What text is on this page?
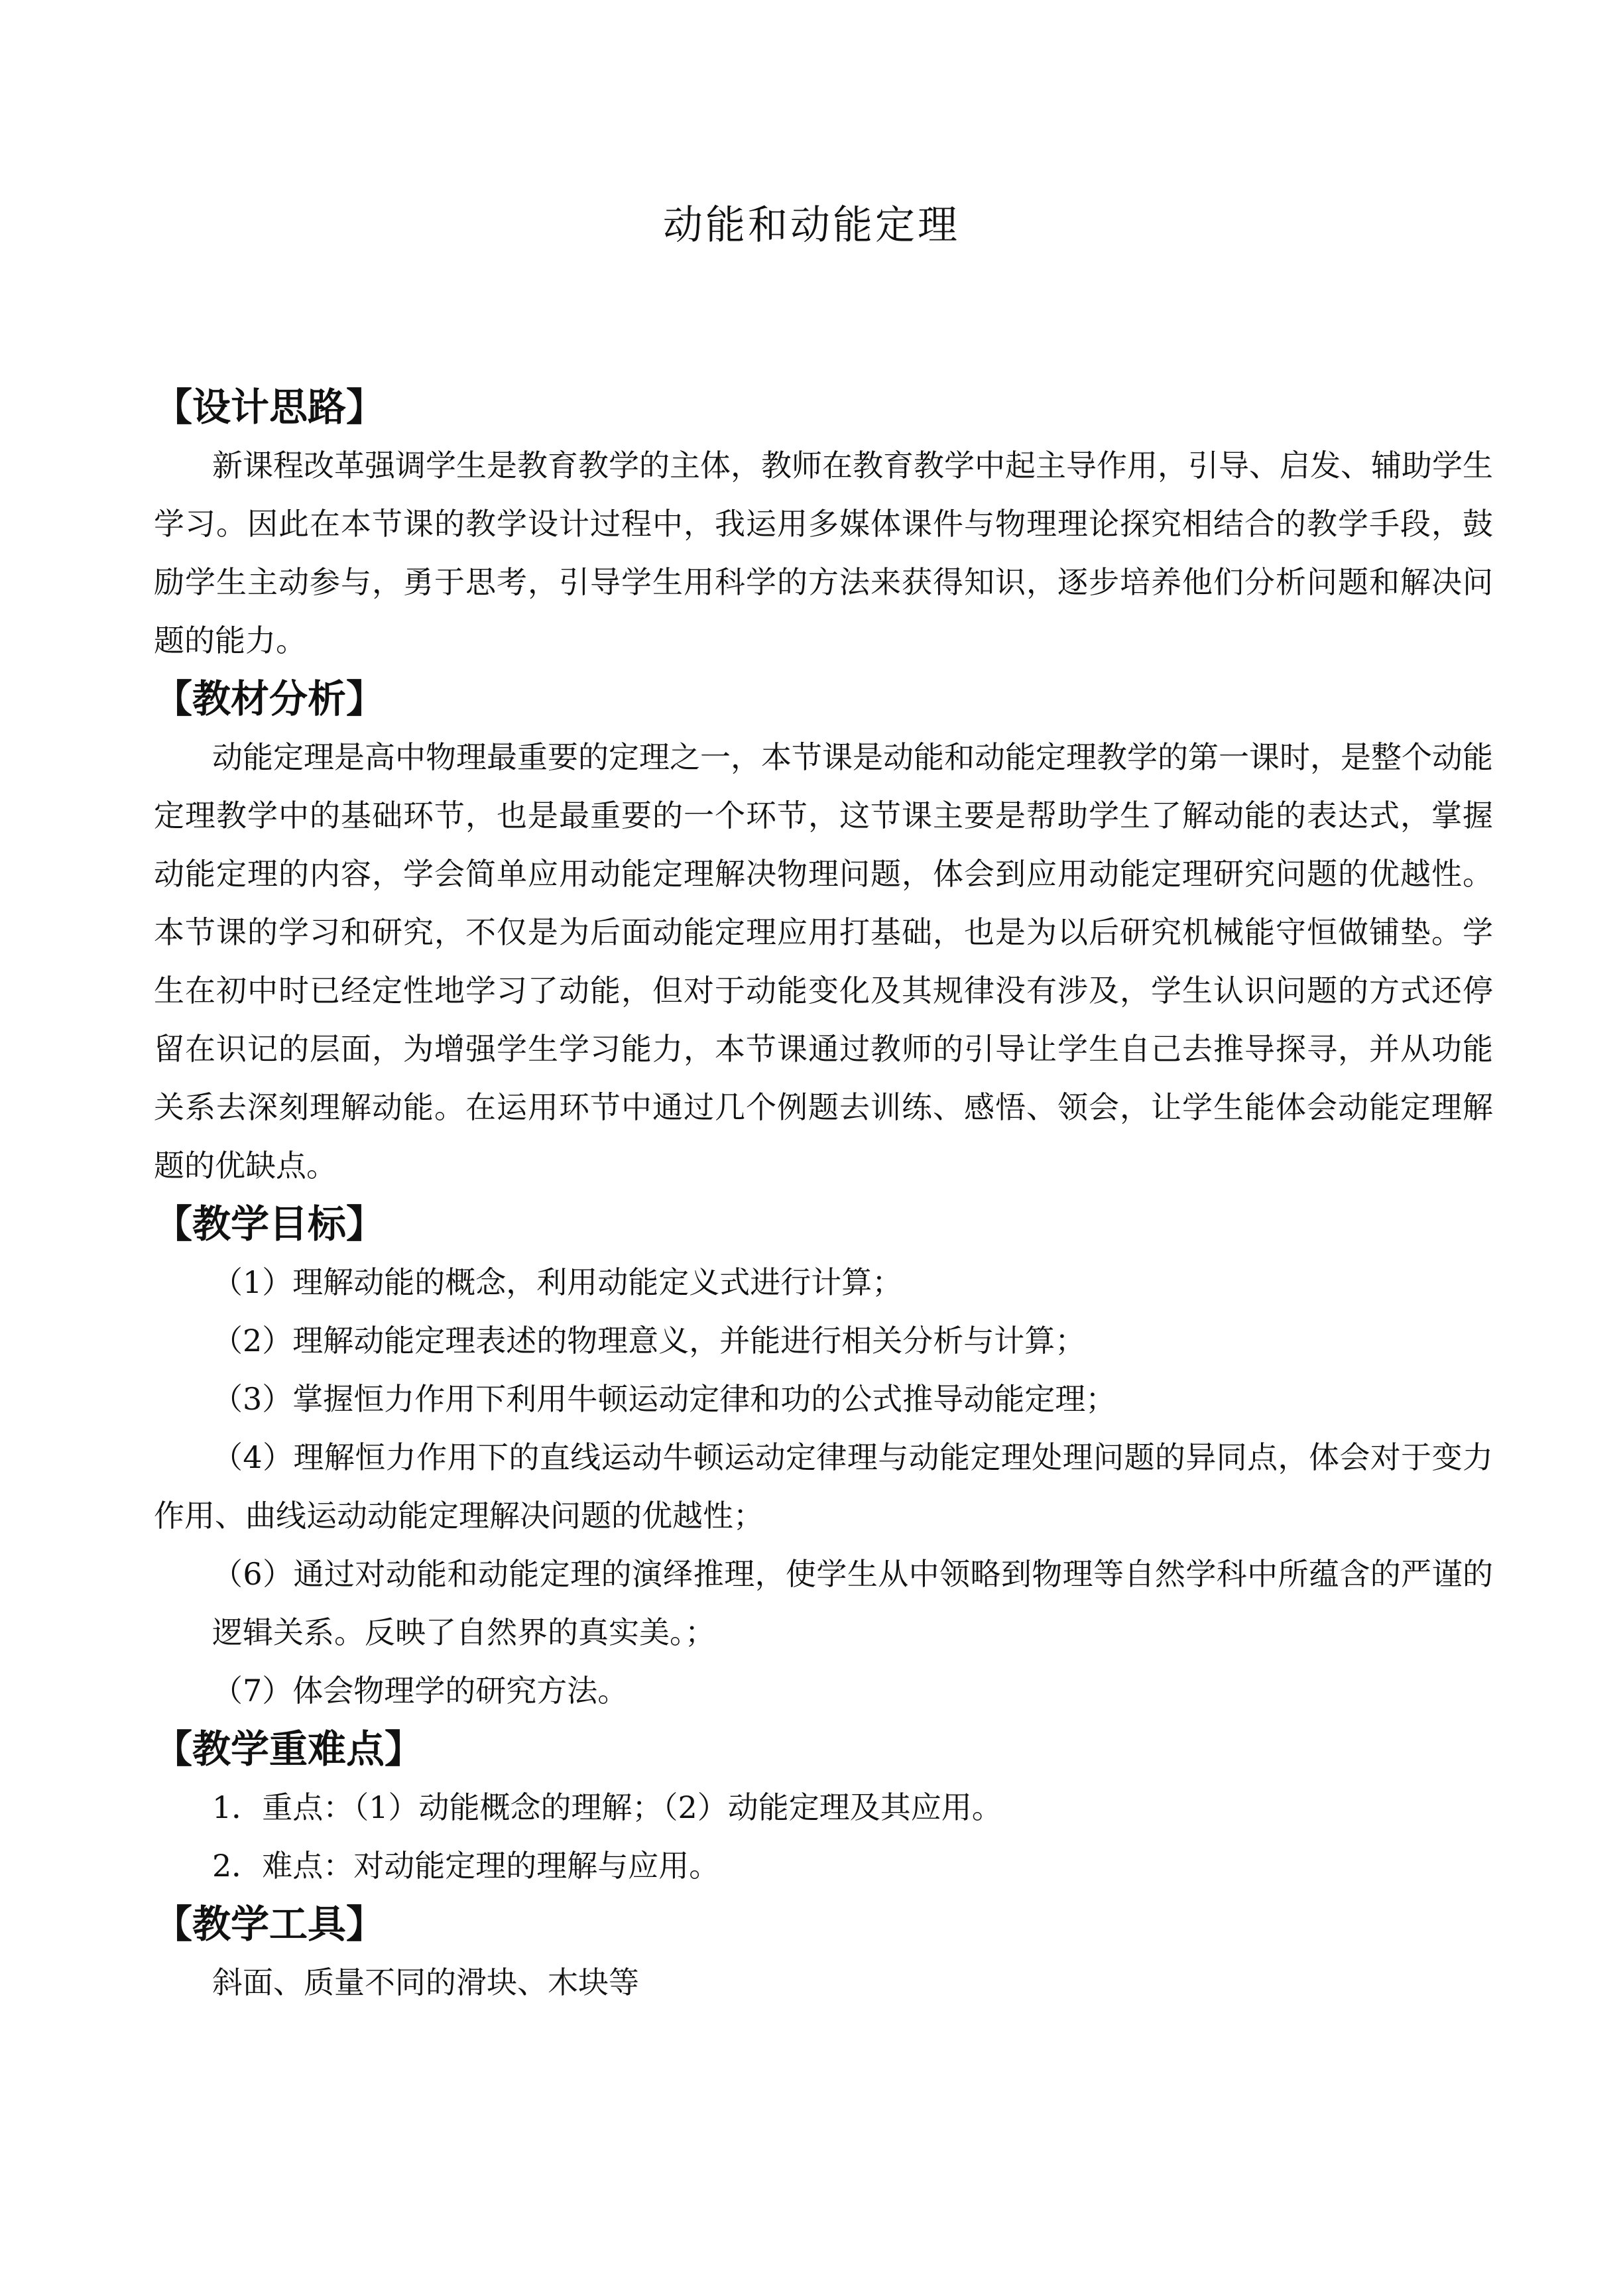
动能和动能定理
【设计思路】

新课程改革强调学生是教育教学的主体，教师在教育教学中起主导作用，引导、启发、辅助学生学习。因此在本节课的教学设计过程中，我运用多媒体课件与物理理论探究相结合的教学手段，鼓励学生主动参与，勇于思考，引导学生用科学的方法来获得知识，逐步培养他们分析问题和解决问题的能力。

【教材分析】

动能定理是高中物理最重要的定理之一，本节课是动能和动能定理教学的第一课时，是整个动能定理教学中的基础环节，也是最重要的一个环节，这节课主要是帮助学生了解动能的表达式，掌握动能定理的内容，学会简单应用动能定理解决物理问题，体会到应用动能定理研究问题的优越性。本节课的学习和研究，不仅是为后面动能定理应用打基础，也是为以后研究机械能守恒做铺垫。学生在初中时已经定性地学习了动能，但对于动能变化及其规律没有涉及，学生认识问题的方式还停留在识记的层面，为增强学生学习能力，本节课通过教师的引导让学生自己去推导探寻，并从功能关系去深刻理解动能。在运用环节中通过几个例题去训练、感悟、领会，让学生能体会动能定理解题的优缺点。

【教学目标】

（1）理解动能的概念，利用动能定义式进行计算；

（2）理解动能定理表述的物理意义，并能进行相关分析与计算；

（3）掌握恒力作用下利用牛顿运动定律和功的公式推导动能定理；

（4）理解恒力作用下的直线运动牛顿运动定律理与动能定理处理问题的异同点，体会对于变力作用、曲线运动动能定理解决问题的优越性；

（6）通过对动能和动能定理的演绎推理，使学生从中领略到物理等自然学科中所蕴含的严谨的逻辑关系。反映了自然界的真实美。；

（7）体会物理学的研究方法。

【教学重难点】

1．重点：（1）动能概念的理解；（2）动能定理及其应用。

2．难点：对动能定理的理解与应用。

【教学工具】

斜面、质量不同的滑块、木块等
